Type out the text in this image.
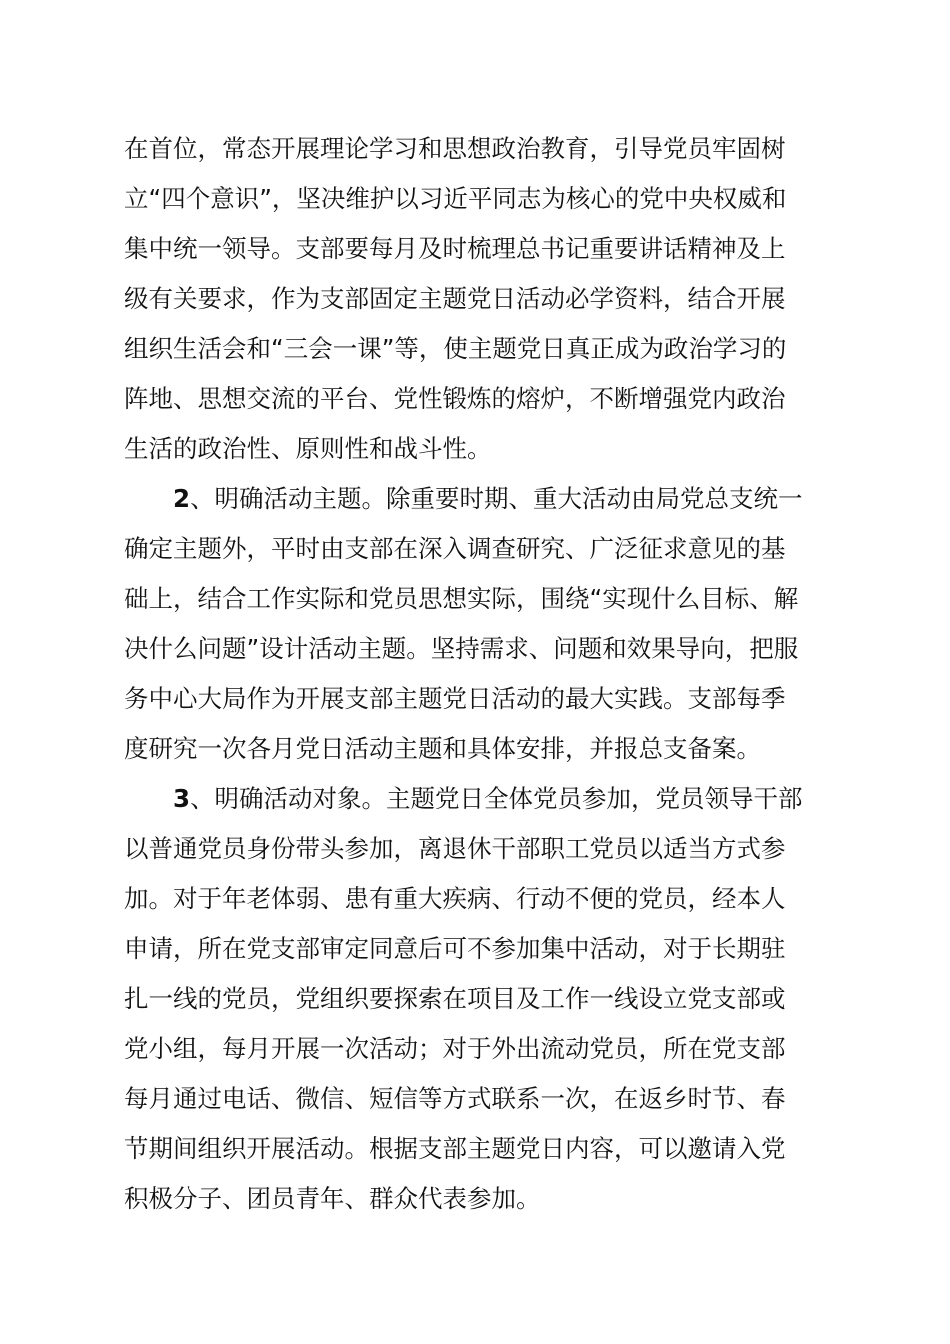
在首位，常态开展理论学习和思想政治教育，引导党员牢固树
立“四个意识”，坚决维护以习近平同志为核心的党中央权威和
集中统一领导。支部要每月及时梳理总书记重要讲话精神及上
级有关要求，作为支部固定主题党日活动必学资料，结合开展
组织生活会和“三会一课”等，使主题党日真正成为政治学习的
阵地、思想交流的平台、党性锻炼的熔炉，不断增强党内政治
生活的政治性、原则性和战斗性。
2、明确活动主题。除重要时期、重大活动由局党总支统一
确定主题外，平时由支部在深入调查研究、广泛征求意见的基
础上，结合工作实际和党员思想实际，围绕“实现什么目标、解
决什么问题”设计活动主题。坚持需求、问题和效果导向，把服
务中心大局作为开展支部主题党日活动的最大实践。支部每季
度研究一次各月党日活动主题和具体安排，并报总支备案。
3、明确活动对象。主题党日全体党员参加，党员领导干部
以普通党员身份带头参加，离退休干部职工党员以适当方式参
加。对于年老体弱、患有重大疾病、行动不便的党员，经本人
申请，所在党支部审定同意后可不参加集中活动，对于长期驻
扎一线的党员，党组织要探索在项目及工作一线设立党支部或
党小组，每月开展一次活动；对于外出流动党员，所在党支部
每月通过电话、微信、短信等方式联系一次，在返乡时节、春
节期间组织开展活动。根据支部主题党日内容，可以邀请入党
积极分子、团员青年、群众代表参加。
